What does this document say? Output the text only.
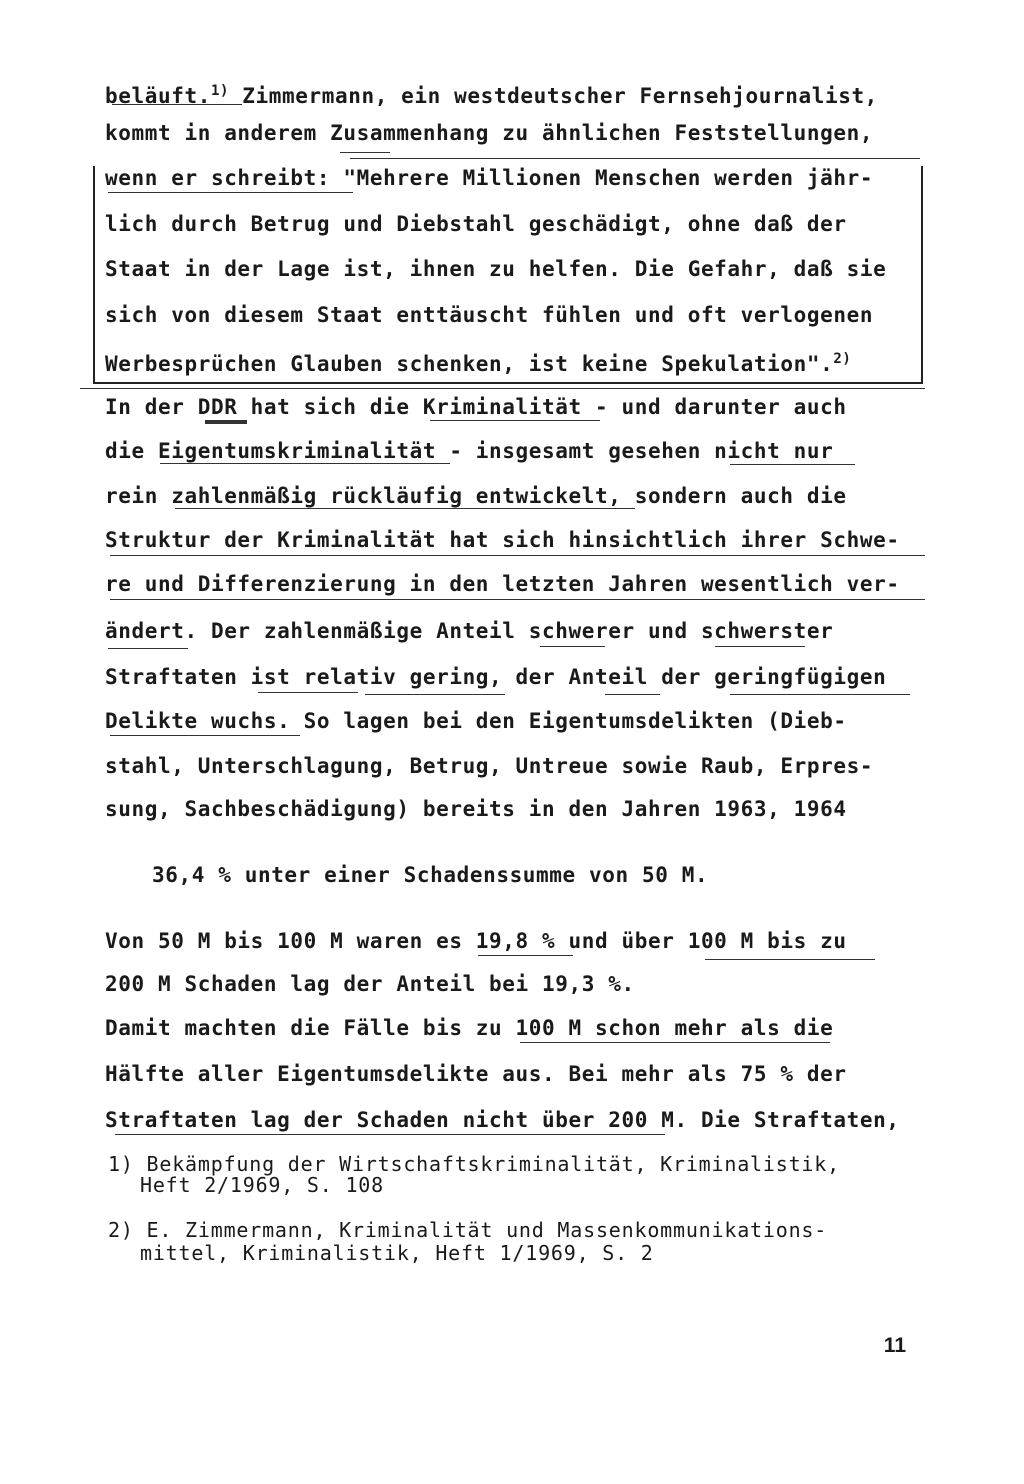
beläuft.$^{1)}$ Zimmermann, ein westdeutscher Fernsehjournalist,
kommt in anderem Zusammenhang zu ähnlichen Feststellungen,
wenn er schreibt: "Mehrere Millionen Menschen werden jähr-
lich durch Betrug und Diebstahl geschädigt, ohne daß der
Staat in der Lage ist, ihnen zu helfen. Die Gefahr, daß sie
sich von diesem Staat enttäuscht fühlen und oft verlogenen
Werbesprüchen Glauben schenken, ist keine Spekulation".$^{2)}$
In der DDR hat sich die Kriminalität - und darunter auch
die Eigentumskriminalität - insgesamt gesehen nicht nur
rein zahlenmäßig rückläufig entwickelt, sondern auch die
Struktur der Kriminalität hat sich hinsichtlich ihrer Schwe-
re und Differenzierung in den letzten Jahren wesentlich ver-
ändert. Der zahlenmäßige Anteil schwerer und schwerster
Straftaten ist relativ gering, der Anteil der geringfügigen
Delikte wuchs. So lagen bei den Eigentumsdelikten (Dieb-
stahl, Unterschlagung, Betrug, Untreue sowie Raub, Erpres-
sung, Sachbeschädigung) bereits in den Jahren 1963, 1964
36,4 % unter einer Schadenssumme von 50 M.
Von 50 M bis 100 M waren es 19,8 % und über 100 M bis zu
200 M Schaden lag der Anteil bei 19,3 %.
Damit machten die Fälle bis zu 100 M schon mehr als die
Hälfte aller Eigentumsdelikte aus. Bei mehr als 75 % der
Straftaten lag der Schaden nicht über 200 M. Die Straftaten,
1) Bekämpfung der Wirtschaftskriminalität, Kriminalistik,
Heft 2/1969, S. 108
2) E. Zimmermann, Kriminalität und Massenkommunikations-
mittel, Kriminalistik, Heft 1/1969, S. 2
11
